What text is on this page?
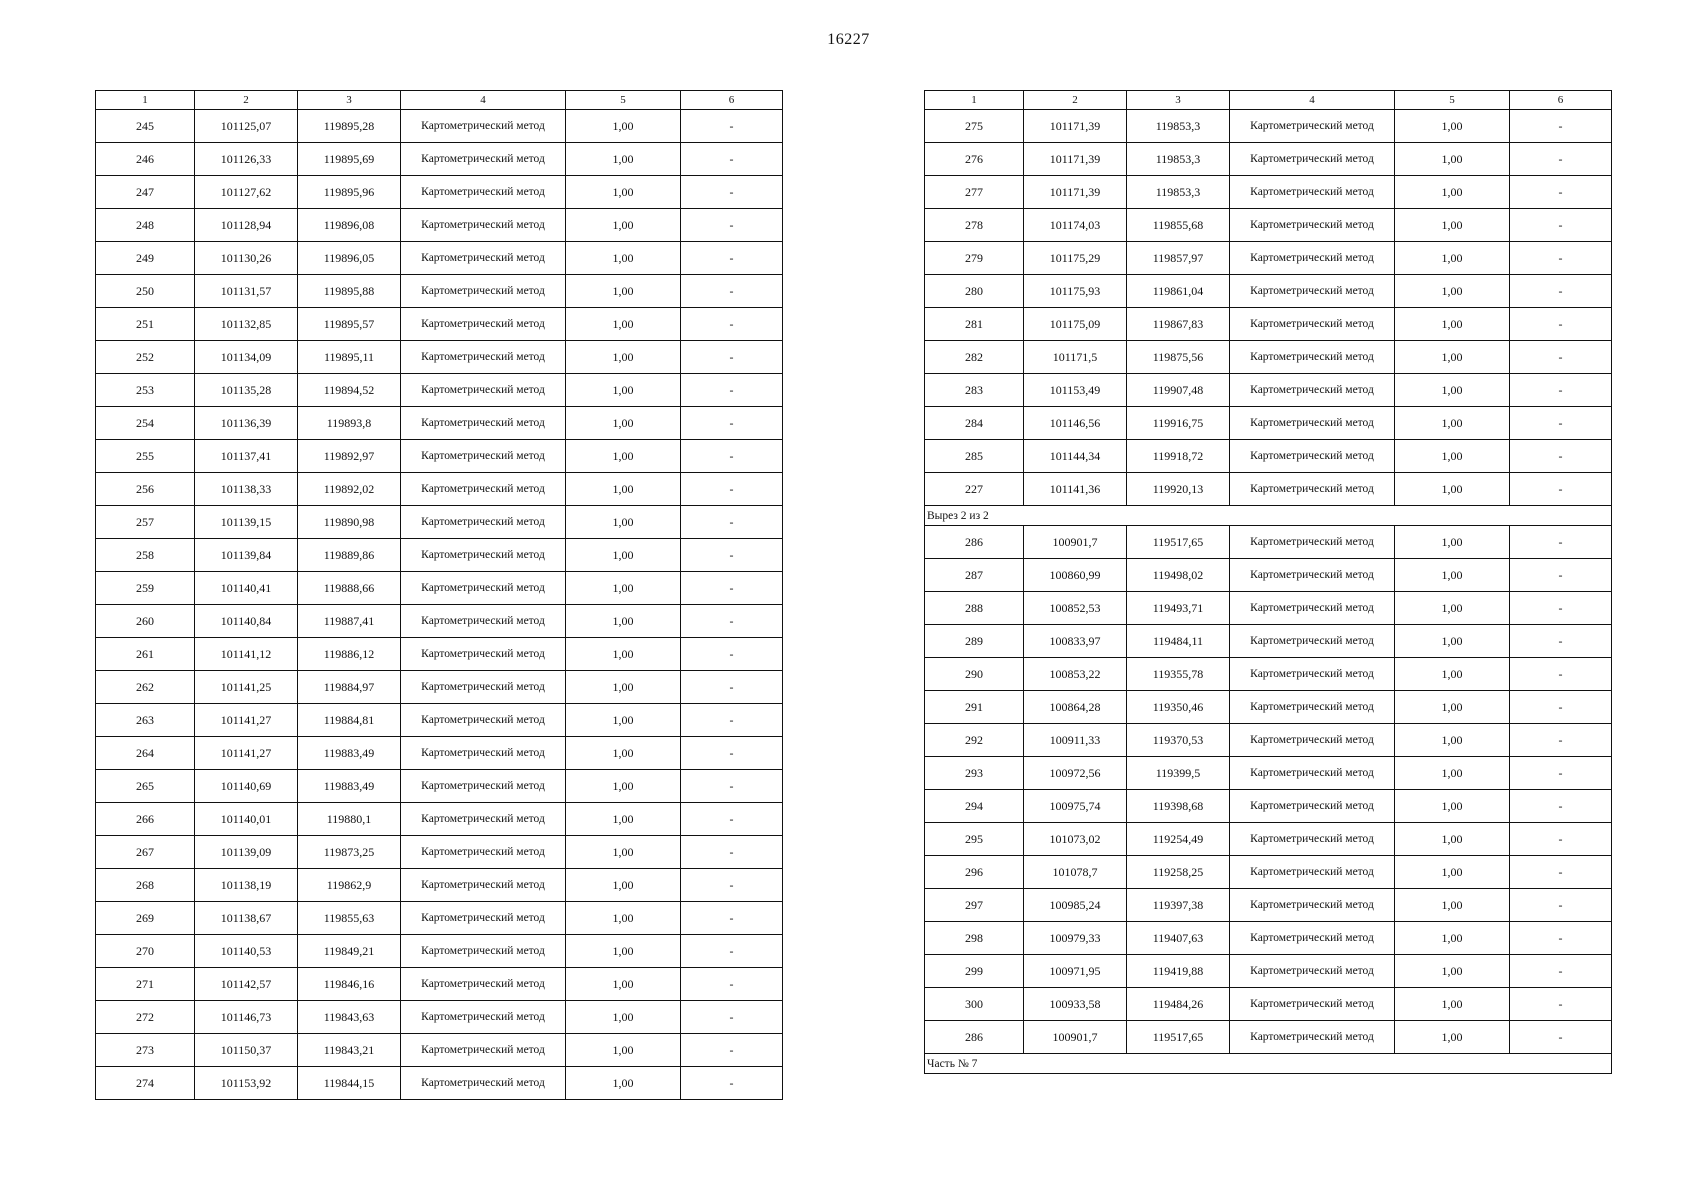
16227
1	2	3	4	5	6
245	101125,07	119895,28	Картометрический метод	1,00	-
246	101126,33	119895,69	Картометрический метод	1,00	-
247	101127,62	119895,96	Картометрический метод	1,00	-
248	101128,94	119896,08	Картометрический метод	1,00	-
249	101130,26	119896,05	Картометрический метод	1,00	-
250	101131,57	119895,88	Картометрический метод	1,00	-
251	101132,85	119895,57	Картометрический метод	1,00	-
252	101134,09	119895,11	Картометрический метод	1,00	-
253	101135,28	119894,52	Картометрический метод	1,00	-
254	101136,39	119893,8	Картометрический метод	1,00	-
255	101137,41	119892,97	Картометрический метод	1,00	-
256	101138,33	119892,02	Картометрический метод	1,00	-
257	101139,15	119890,98	Картометрический метод	1,00	-
258	101139,84	119889,86	Картометрический метод	1,00	-
259	101140,41	119888,66	Картометрический метод	1,00	-
260	101140,84	119887,41	Картометрический метод	1,00	-
261	101141,12	119886,12	Картометрический метод	1,00	-
262	101141,25	119884,97	Картометрический метод	1,00	-
263	101141,27	119884,81	Картометрический метод	1,00	-
264	101141,27	119883,49	Картометрический метод	1,00	-
265	101140,69	119883,49	Картометрический метод	1,00	-
266	101140,01	119880,1	Картометрический метод	1,00	-
267	101139,09	119873,25	Картометрический метод	1,00	-
268	101138,19	119862,9	Картометрический метод	1,00	-
269	101138,67	119855,63	Картометрический метод	1,00	-
270	101140,53	119849,21	Картометрический метод	1,00	-
271	101142,57	119846,16	Картометрический метод	1,00	-
272	101146,73	119843,63	Картометрический метод	1,00	-
273	101150,37	119843,21	Картометрический метод	1,00	-
274	101153,92	119844,15	Картометрический метод	1,00	-
1	2	3	4	5	6
275	101171,39	119853,3	Картометрический метод	1,00	-
276	101171,39	119853,3	Картометрический метод	1,00	-
277	101171,39	119853,3	Картометрический метод	1,00	-
278	101174,03	119855,68	Картометрический метод	1,00	-
279	101175,29	119857,97	Картометрический метод	1,00	-
280	101175,93	119861,04	Картометрический метод	1,00	-
281	101175,09	119867,83	Картометрический метод	1,00	-
282	101171,5	119875,56	Картометрический метод	1,00	-
283	101153,49	119907,48	Картометрический метод	1,00	-
284	101146,56	119916,75	Картометрический метод	1,00	-
285	101144,34	119918,72	Картометрический метод	1,00	-
227	101141,36	119920,13	Картометрический метод	1,00	-
Вырез 2 из 2					
286	100901,7	119517,65	Картометрический метод	1,00	-
287	100860,99	119498,02	Картометрический метод	1,00	-
288	100852,53	119493,71	Картометрический метод	1,00	-
289	100833,97	119484,11	Картометрический метод	1,00	-
290	100853,22	119355,78	Картометрический метод	1,00	-
291	100864,28	119350,46	Картометрический метод	1,00	-
292	100911,33	119370,53	Картометрический метод	1,00	-
293	100972,56	119399,5	Картометрический метод	1,00	-
294	100975,74	119398,68	Картометрический метод	1,00	-
295	101073,02	119254,49	Картометрический метод	1,00	-
296	101078,7	119258,25	Картометрический метод	1,00	-
297	100985,24	119397,38	Картометрический метод	1,00	-
298	100979,33	119407,63	Картометрический метод	1,00	-
299	100971,95	119419,88	Картометрический метод	1,00	-
300	100933,58	119484,26	Картометрический метод	1,00	-
286	100901,7	119517,65	Картометрический метод	1,00	-
Часть № 7					
